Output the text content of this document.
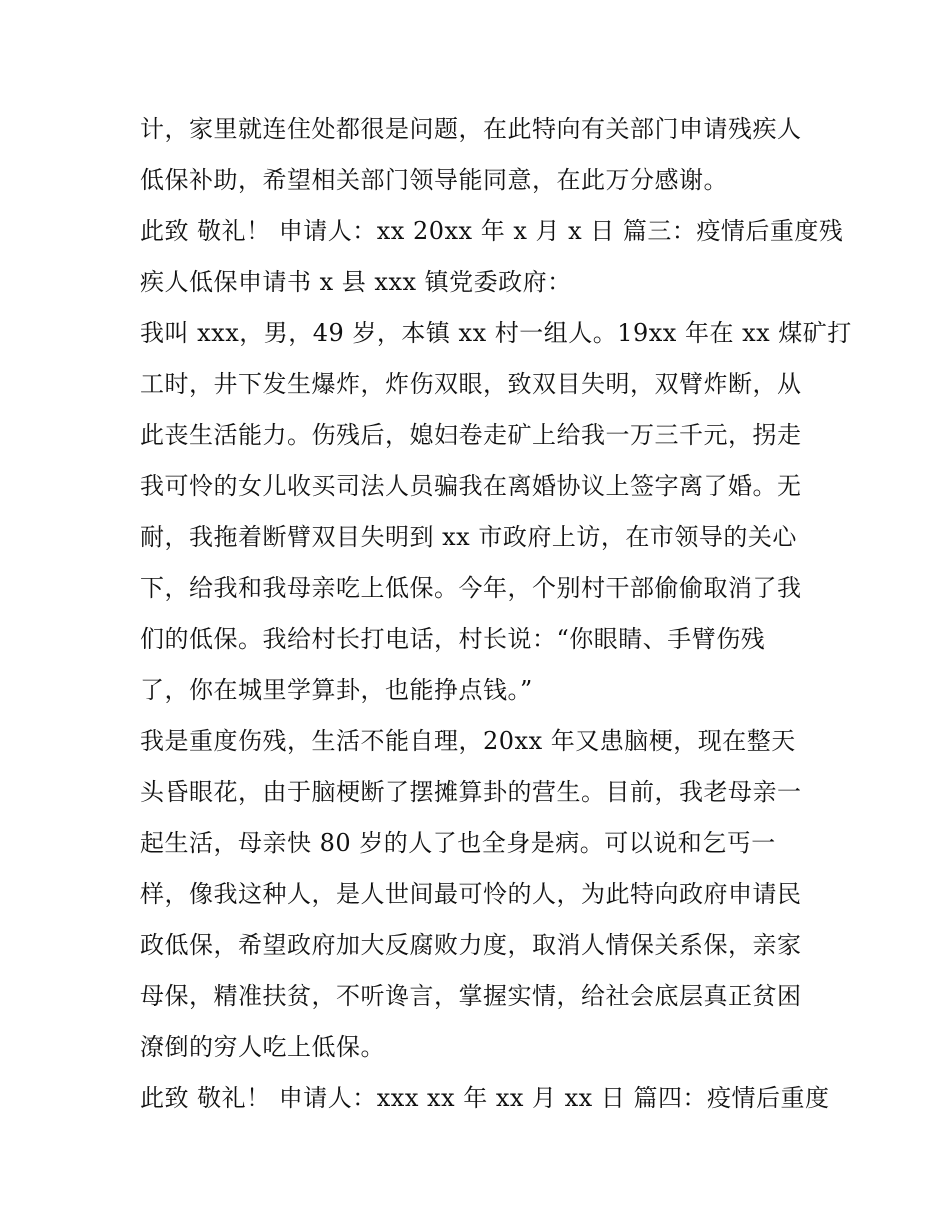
计，家里就连住处都很是问题，在此特向有关部门申请残疾人
低保补助，希望相关部门领导能同意，在此万分感谢。
此致 敬礼！ 申请人：xx 20xx 年 x 月 x 日 篇三：疫情后重度残
疾人低保申请书 x 县 xxx 镇党委政府：
我叫 xxx，男，49 岁，本镇 xx 村一组人。19xx 年在 xx 煤矿打
工时，井下发生爆炸，炸伤双眼，致双目失明，双臂炸断，从
此丧生活能力。伤残后，媳妇卷走矿上给我一万三千元，拐走
我可怜的女儿收买司法人员骗我在离婚协议上签字离了婚。无
耐，我拖着断臂双目失明到 xx 市政府上访，在市领导的关心
下，给我和我母亲吃上低保。今年，个别村干部偷偷取消了我
们的低保。我给村长打电话，村长说：“你眼睛、手臂伤残
了，你在城里学算卦，也能挣点钱。”
我是重度伤残，生活不能自理，20xx 年又患脑梗，现在整天
头昏眼花，由于脑梗断了摆摊算卦的营生。目前，我老母亲一
起生活，母亲快 80 岁的人了也全身是病。可以说和乞丐一
样，像我这种人，是人世间最可怜的人，为此特向政府申请民
政低保，希望政府加大反腐败力度，取消人情保关系保，亲家
母保，精准扶贫，不听谗言，掌握实情，给社会底层真正贫困
潦倒的穷人吃上低保。
此致 敬礼！ 申请人：xxx xx 年 xx 月 xx 日 篇四：疫情后重度
